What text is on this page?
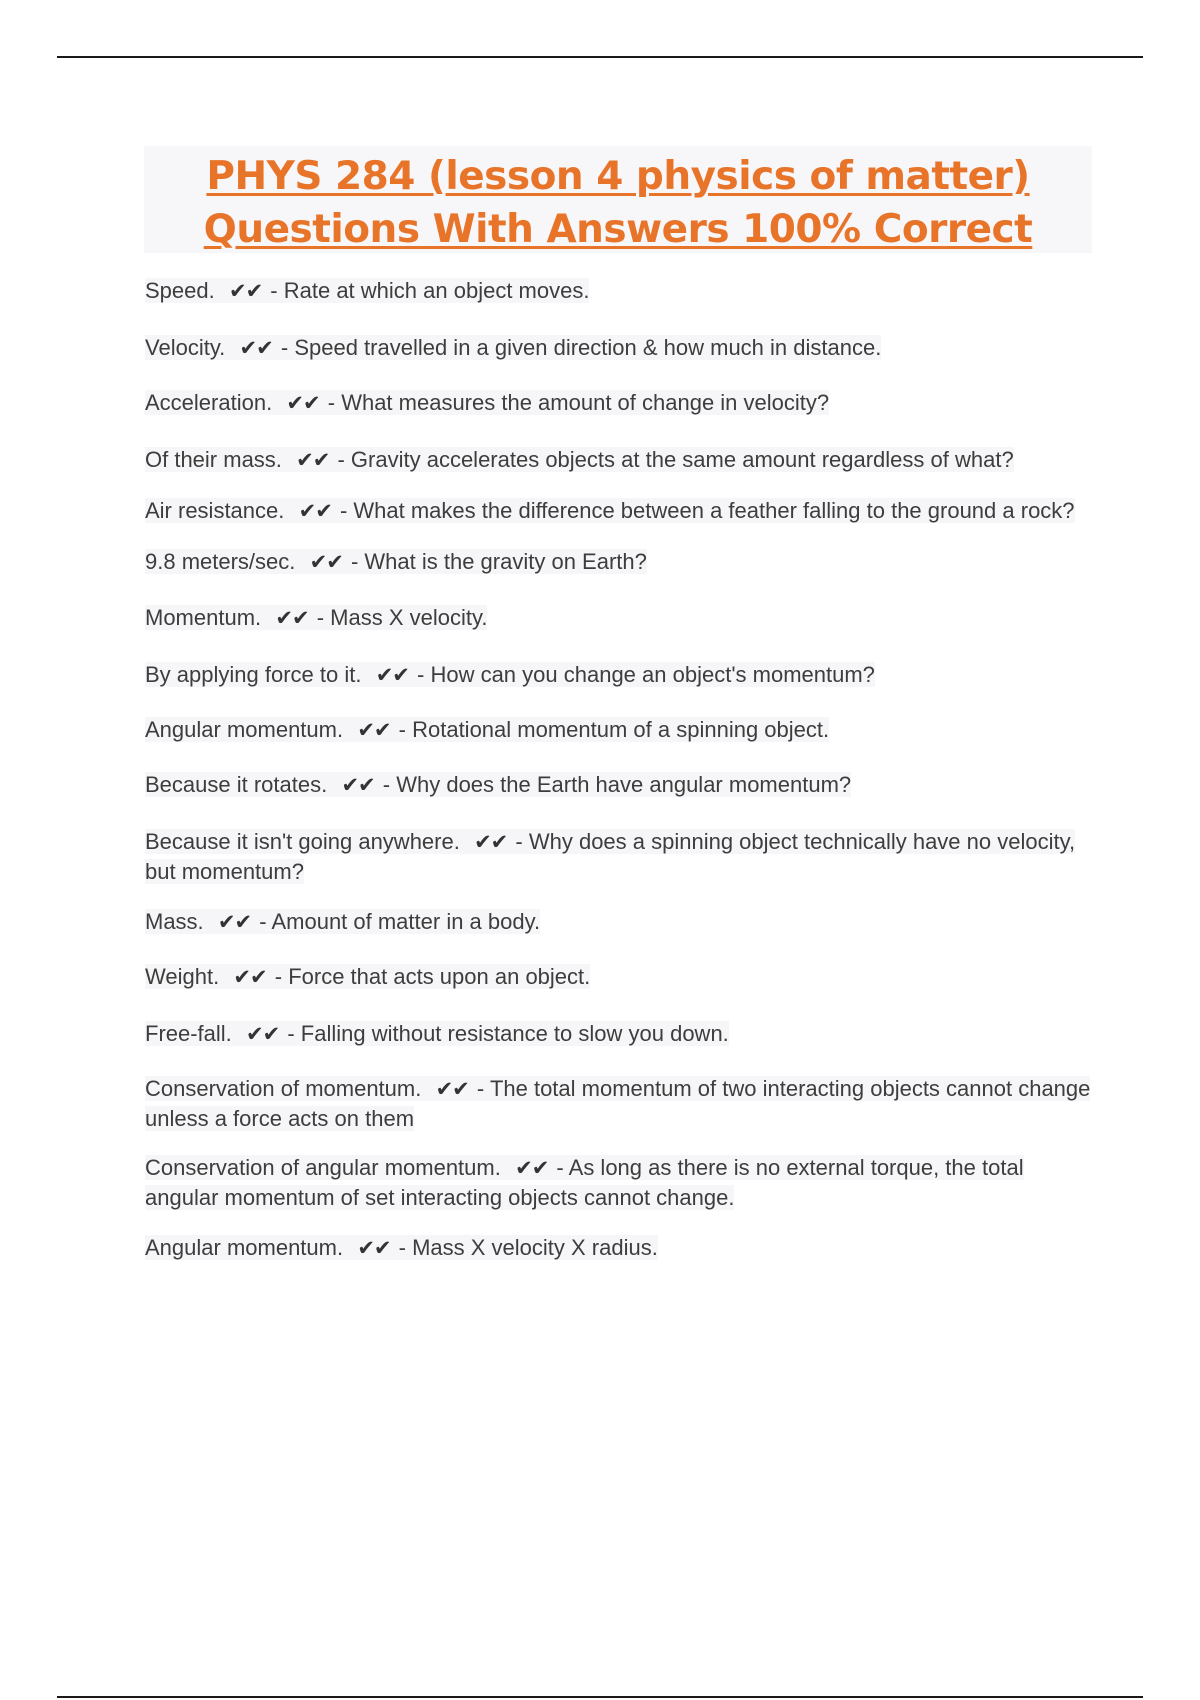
PHYS 284 (lesson 4 physics of matter)
Questions With Answers 100% Correct

Speed. ✔✔ - Rate at which an object moves.

Velocity. ✔✔ - Speed travelled in a given direction & how much in distance.

Acceleration. ✔✔ - What measures the amount of change in velocity?

Of their mass. ✔✔ - Gravity accelerates objects at the same amount regardless of what?

Air resistance. ✔✔ - What makes the difference between a feather falling to the ground a rock?

9.8 meters/sec. ✔✔ - What is the gravity on Earth?

Momentum. ✔✔ - Mass X velocity.

By applying force to it. ✔✔ - How can you change an object's momentum?

Angular momentum. ✔✔ - Rotational momentum of a spinning object.

Because it rotates. ✔✔ - Why does the Earth have angular momentum?

Because it isn't going anywhere. ✔✔ - Why does a spinning object technically have no velocity, but momentum?

Mass. ✔✔ - Amount of matter in a body.

Weight. ✔✔ - Force that acts upon an object.

Free-fall. ✔✔ - Falling without resistance to slow you down.

Conservation of momentum. ✔✔ - The total momentum of two interacting objects cannot change unless a force acts on them

Conservation of angular momentum. ✔✔ - As long as there is no external torque, the total angular momentum of set interacting objects cannot change.

Angular momentum. ✔✔ - Mass X velocity X radius.
